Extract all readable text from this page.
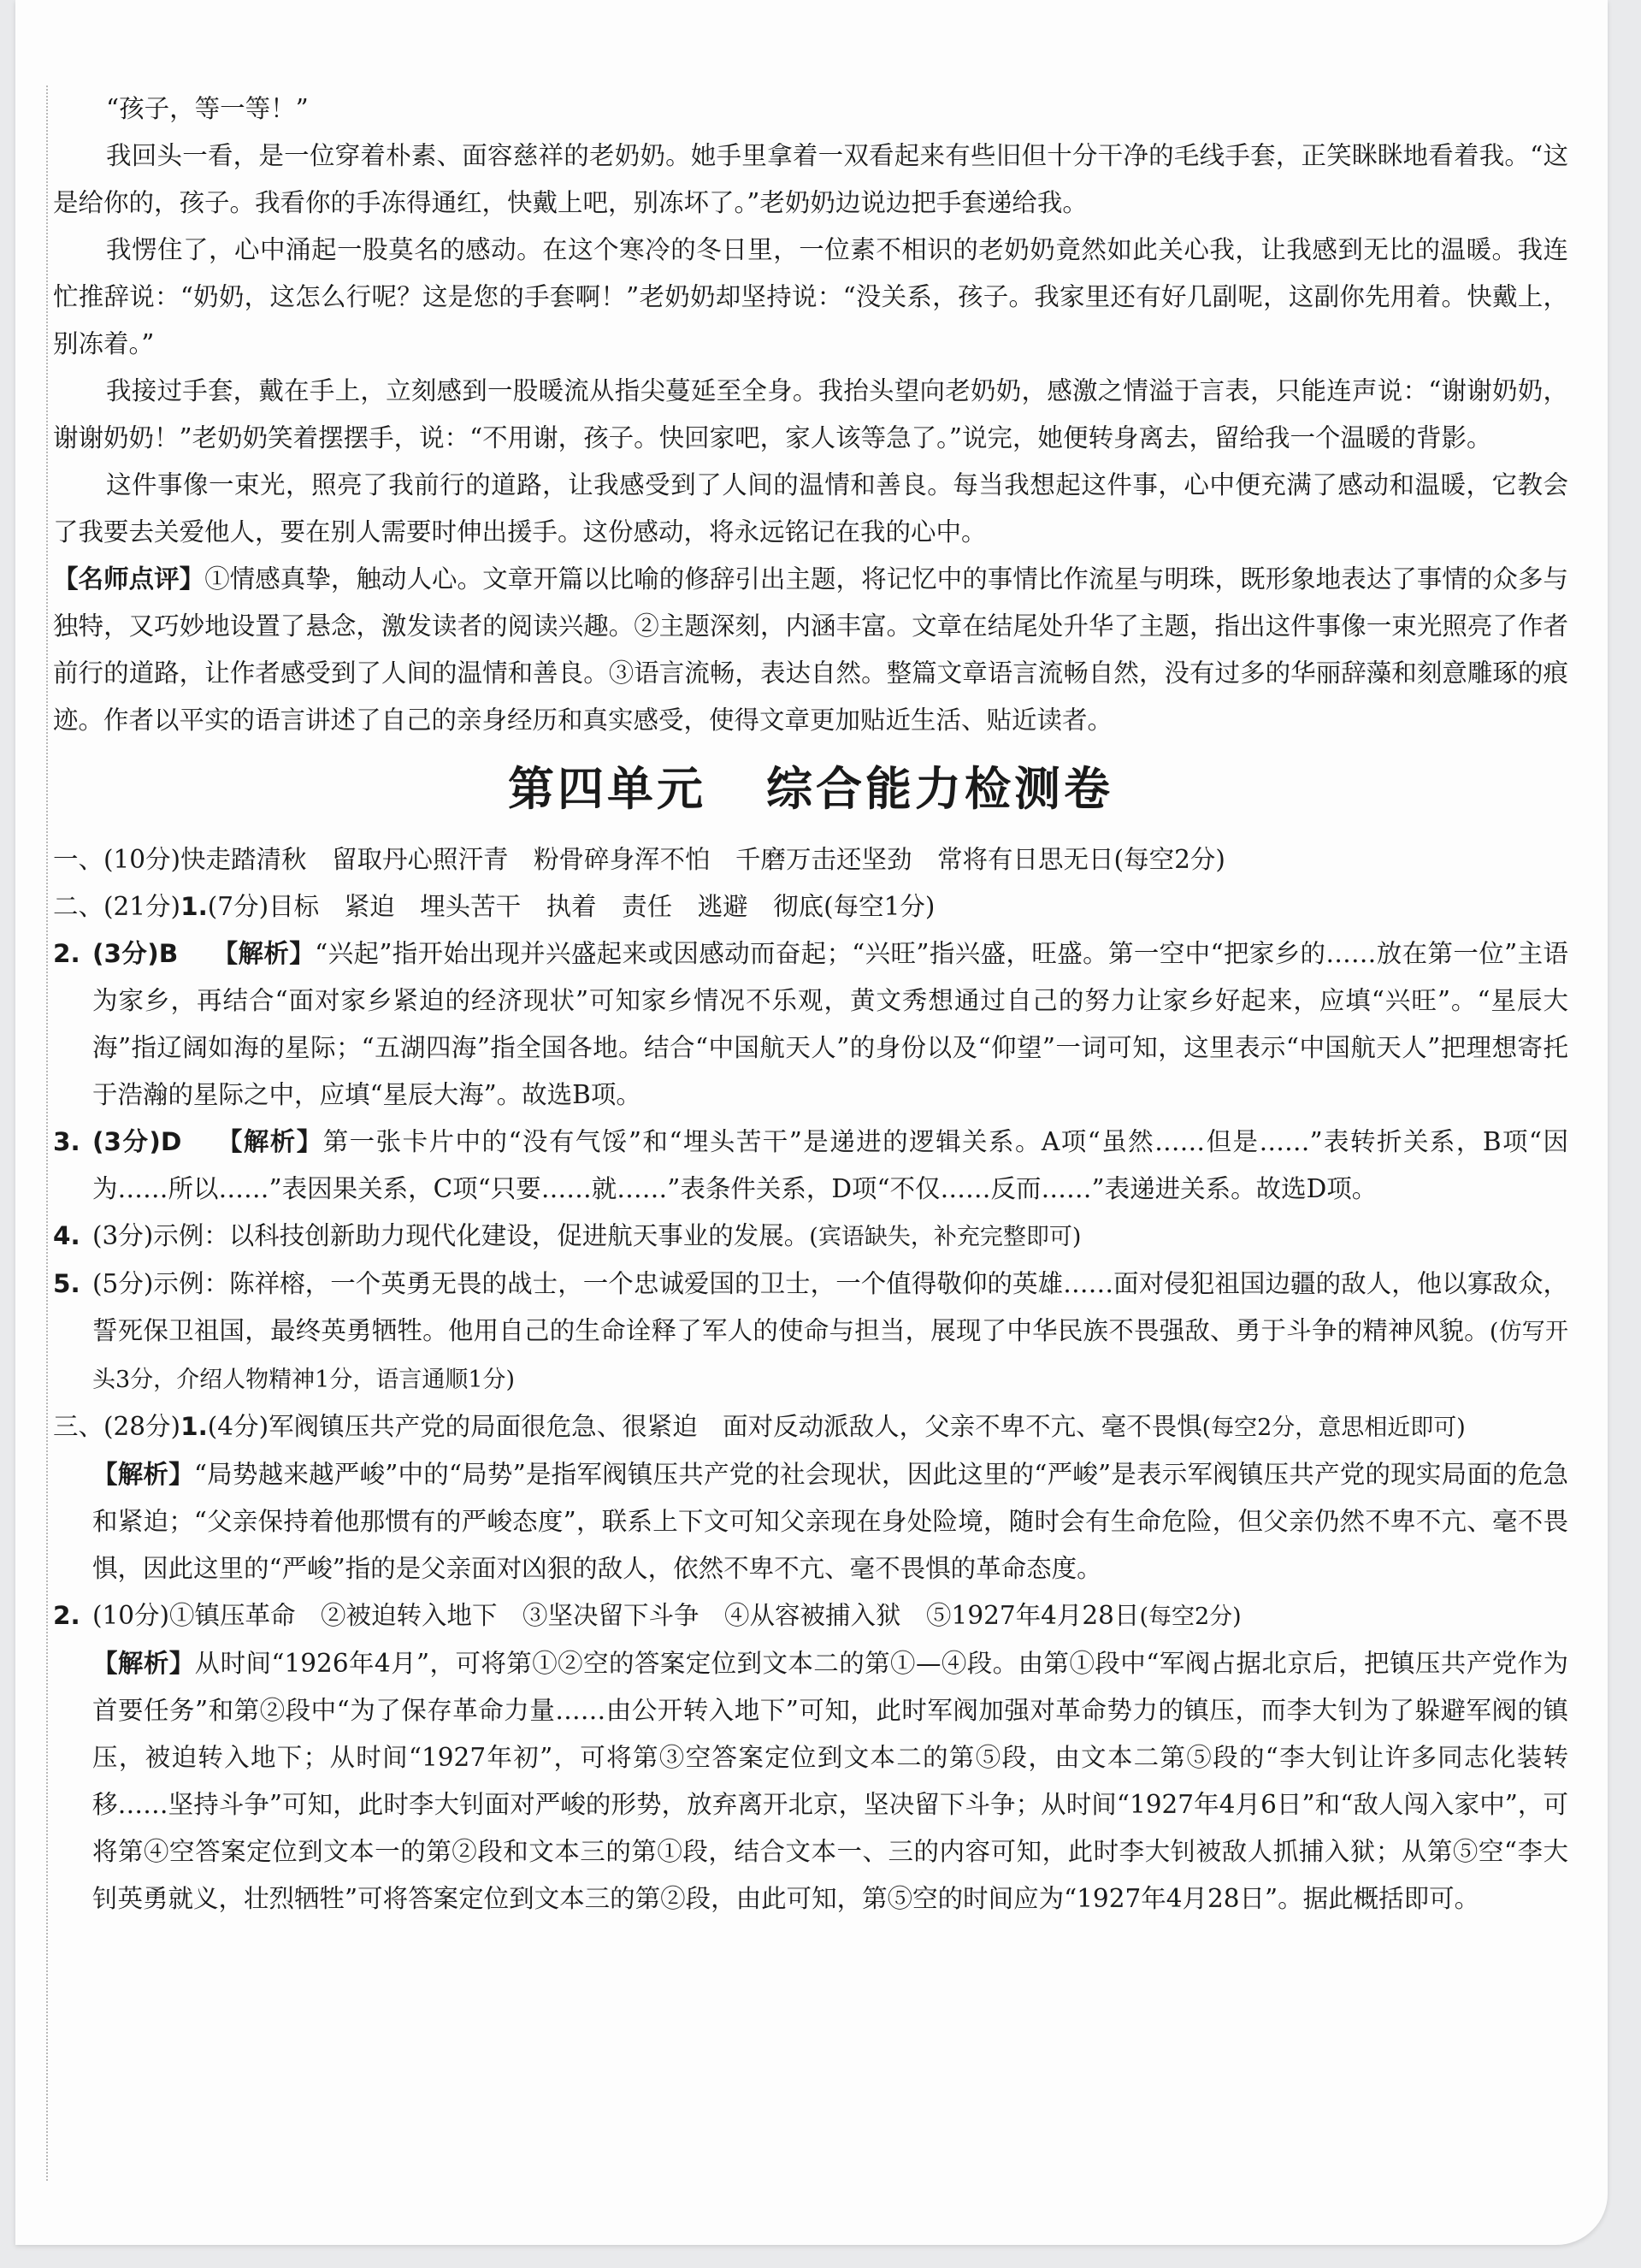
“孩子，等一等！”

我回头一看，是一位穿着朴素、面容慈祥的老奶奶。她手里拿着一双看起来有些旧但十分干净的毛线手套，正笑眯眯地看着我。“这是给你的，孩子。我看你的手冻得通红，快戴上吧，别冻坏了。”老奶奶边说边把手套递给我。

我愣住了，心中涌起一股莫名的感动。在这个寒冷的冬日里，一位素不相识的老奶奶竟然如此关心我，让我感到无比的温暖。我连忙推辞说：“奶奶，这怎么行呢？这是您的手套啊！”老奶奶却坚持说：“没关系，孩子。我家里还有好几副呢，这副你先用着。快戴上，别冻着。”

我接过手套，戴在手上，立刻感到一股暖流从指尖蔓延至全身。我抬头望向老奶奶，感激之情溢于言表，只能连声说：“谢谢奶奶，谢谢奶奶！”老奶奶笑着摆摆手，说：“不用谢，孩子。快回家吧，家人该等急了。”说完，她便转身离去，留给我一个温暖的背影。

这件事像一束光，照亮了我前行的道路，让我感受到了人间的温情和善良。每当我想起这件事，心中便充满了感动和温暖，它教会了我要去关爱他人，要在别人需要时伸出援手。这份感动，将永远铭记在我的心中。

【名师点评】①情感真挚，触动人心。文章开篇以比喻的修辞引出主题，将记忆中的事情比作流星与明珠，既形象地表达了事情的众多与独特，又巧妙地设置了悬念，激发读者的阅读兴趣。②主题深刻，内涵丰富。文章在结尾处升华了主题，指出这件事像一束光照亮了作者前行的道路，让作者感受到了人间的温情和善良。③语言流畅，表达自然。整篇文章语言流畅自然，没有过多的华丽辞藻和刻意雕琢的痕迹。作者以平实的语言讲述了自己的亲身经历和真实感受，使得文章更加贴近生活、贴近读者。

第四单元 综合能力检测卷

一、(10分)快走踏清秋　留取丹心照汗青　粉骨碎身浑不怕　千磨万击还坚劲　常将有日思无日(每空2分)

二、(21分)1.(7分)目标　紧迫　埋头苦干　执着　责任　逃避　彻底(每空1分)

2. (3分)B 【解析】“兴起”指开始出现并兴盛起来或因感动而奋起；“兴旺”指兴盛，旺盛。第一空中“把家乡的……放在第一位”主语为家乡，再结合“面对家乡紧迫的经济现状”可知家乡情况不乐观，黄文秀想通过自己的努力让家乡好起来，应填“兴旺”。“星辰大海”指辽阔如海的星际；“五湖四海”指全国各地。结合“中国航天人”的身份以及“仰望”一词可知，这里表示“中国航天人”把理想寄托于浩瀚的星际之中，应填“星辰大海”。故选B项。
3. (3分)D 【解析】第一张卡片中的“没有气馁”和“埋头苦干”是递进的逻辑关系。A项“虽然……但是……”表转折关系，B项“因为……所以……”表因果关系，C项“只要……就……”表条件关系，D项“不仅……反而……”表递进关系。故选D项。
4. (3分)示例：以科技创新助力现代化建设，促进航天事业的发展。(宾语缺失，补充完整即可)
5. (5分)示例：陈祥榕，一个英勇无畏的战士，一个忠诚爱国的卫士，一个值得敬仰的英雄……面对侵犯祖国边疆的敌人，他以寡敌众，誓死保卫祖国，最终英勇牺牲。他用自己的生命诠释了军人的使命与担当，展现了中华民族不畏强敌、勇于斗争的精神风貌。(仿写开头3分，介绍人物精神1分，语言通顺1分)

三、(28分)1.(4分)军阀镇压共产党的局面很危急、很紧迫　面对反动派敌人，父亲不卑不亢、毫不畏惧(每空2分，意思相近即可)

【解析】“局势越来越严峻”中的“局势”是指军阀镇压共产党的社会现状，因此这里的“严峻”是表示军阀镇压共产党的现实局面的危急和紧迫；“父亲保持着他那惯有的严峻态度”，联系上下文可知父亲现在身处险境，随时会有生命危险，但父亲仍然不卑不亢、毫不畏惧，因此这里的“严峻”指的是父亲面对凶狠的敌人，依然不卑不亢、毫不畏惧的革命态度。

2. (10分)①镇压革命　②被迫转入地下　③坚决留下斗争　④从容被捕入狱　⑤1927年4月28日(每空2分)

【解析】从时间“1926年4月”，可将第①②空的答案定位到文本二的第①—④段。由第①段中“军阀占据北京后，把镇压共产党作为首要任务”和第②段中“为了保存革命力量……由公开转入地下”可知，此时军阀加强对革命势力的镇压，而李大钊为了躲避军阀的镇压，被迫转入地下；从时间“1927年初”，可将第③空答案定位到文本二的第⑤段，由文本二第⑤段的“李大钊让许多同志化装转移……坚持斗争”可知，此时李大钊面对严峻的形势，放弃离开北京，坚决留下斗争；从时间“1927年4月6日”和“敌人闯入家中”，可将第④空答案定位到文本一的第②段和文本三的第①段，结合文本一、三的内容可知，此时李大钊被敌人抓捕入狱；从第⑤空“李大钊英勇就义，壮烈牺牲”可将答案定位到文本三的第②段，由此可知，第⑤空的时间应为“1927年4月28日”。据此概括即可。
